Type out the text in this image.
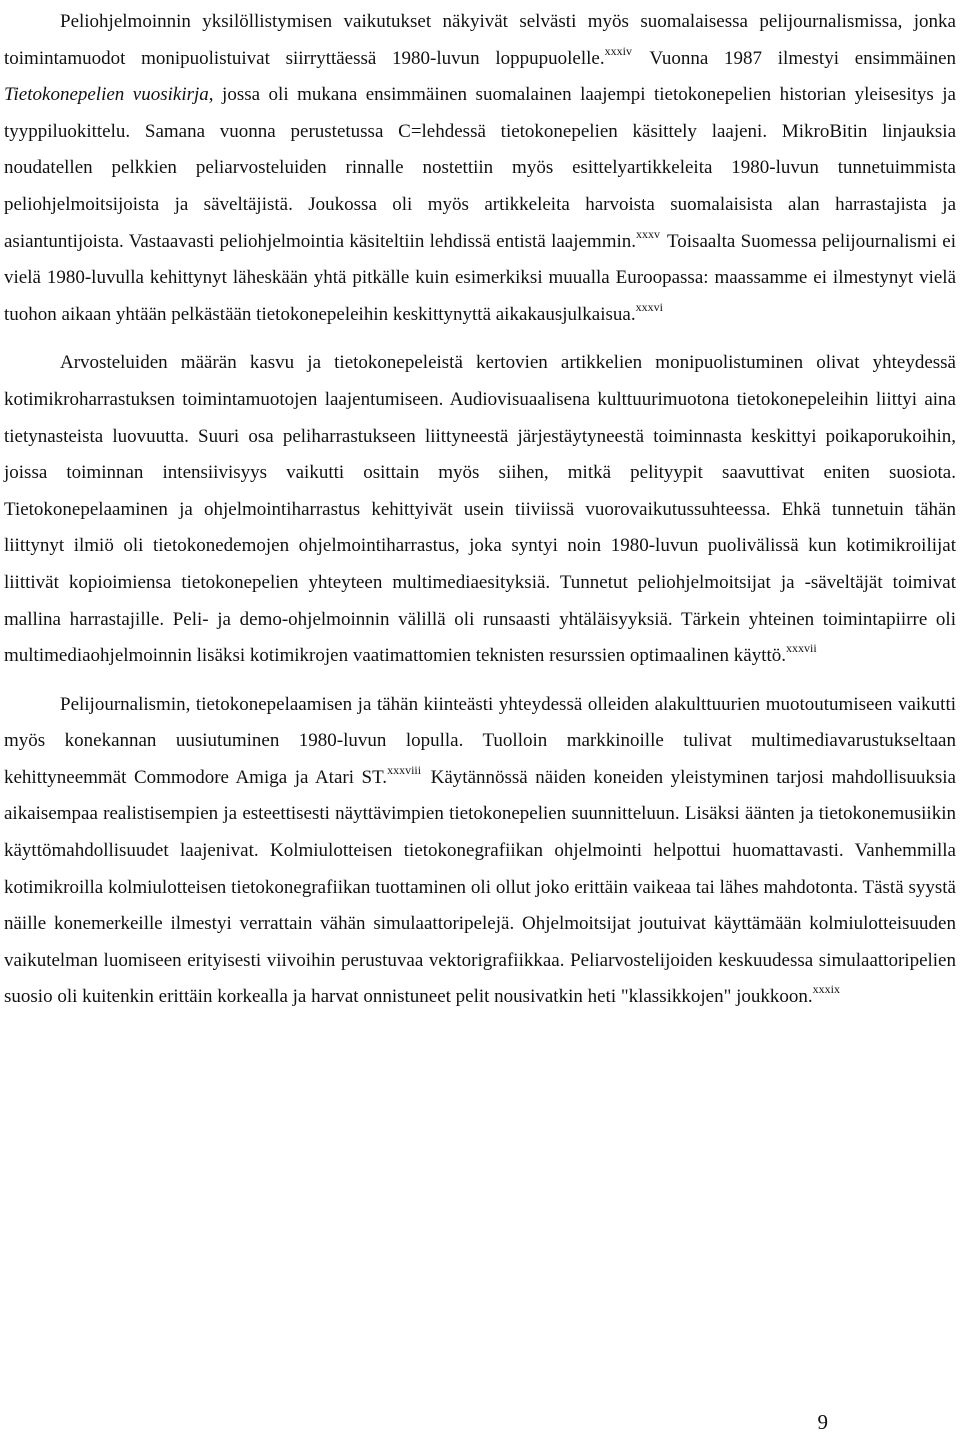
Peliohjelmoinnin yksilöllistymisen vaikutukset näkyivät selvästi myös suomalaisessa pelijournalismissa, jonka toimintamuodot monipuolistuivat siirryttäessä 1980-luvun loppupuolelle.$^{xxxiv}$ Vuonna 1987 ilmestyi ensimmäinen Tietokonepelien vuosikirja, jossa oli mukana ensimmäinen suomalainen laajempi tietokonepelien historian yleisesitys ja tyyppiluokittelu. Samana vuonna perustetussa C=lehdessä tietokonepelien käsittely laajeni. MikroBitin linjauksia noudatellen pelkkien peliarvosteluiden rinnalle nostettiin myös esittelyartikkeleita 1980-luvun tunnetuimmista peliohjelmoitsijoista ja säveltäjistä. Joukossa oli myös artikkeleita harvoista suomalaisista alan harrastajista ja asiantuntijoista. Vastaavasti peliohjelmointia käsiteltiin lehdissä entistä laajemmin.$^{xxxv}$ Toisaalta Suomessa pelijournalismi ei vielä 1980-luvulla kehittynyt läheskään yhtä pitkälle kuin esimerkiksi muualla Euroopassa: maassamme ei ilmestynyt vielä tuohon aikaan yhtään pelkästään tietokonepeleihin keskittynyttä aikakausjulkaisua.$^{xxxvi}$

Arvosteluiden määrän kasvu ja tietokonepeleistä kertovien artikkelien monipuolistuminen olivat yhteydessä kotimikroharrastuksen toimintamuotojen laajentumiseen. Audiovisuaalisena kulttuurimuotona tietokonepeleihin liittyi aina tietynasteista luovuutta. Suuri osa peliharrastukseen liittyneestä järjestäytyneestä toiminnasta keskittyi poikaporukoihin, joissa toiminnan intensiivisyys vaikutti osittain myös siihen, mitkä pelityypit saavuttivat eniten suosiota. Tietokonepelaaminen ja ohjelmointiharrastus kehittyivät usein tiiviissä vuorovaikutussuhteessa. Ehkä tunnetuin tähän liittynyt ilmiö oli tietokonedemojen ohjelmointiharrastus, joka syntyi noin 1980-luvun puolivälissä kun kotimikroilijat liittivät kopioimiensa tietokonepelien yhteyteen multimediaesityksiä. Tunnetut peliohjelmoitsijat ja -säveltäjät toimivat mallina harrastajille. Peli- ja demo-ohjelmoinnin välillä oli runsaasti yhtäläisyyksiä. Tärkein yhteinen toimintapiirre oli multimediaohjelmoinnin lisäksi kotimikrojen vaatimattomien teknisten resurssien optimaalinen käyttö.$^{xxxvii}$

Pelijournalismin, tietokonepelaamisen ja tähän kiinteästi yhteydessä olleiden alakulttuurien muotoutumiseen vaikutti myös konekannan uusiutuminen 1980-luvun lopulla. Tuolloin markkinoille tulivat multimediavarustukseltaan kehittyneemmät Commodore Amiga ja Atari ST.$^{xxxviii}$ Käytännössä näiden koneiden yleistyminen tarjosi mahdollisuuksia aikaisempaa realistisempien ja esteettisesti näyttävimpien tietokonepelien suunnitteluun. Lisäksi äänten ja tietokonemusiikin käyttömahdollisuudet laajenivat. Kolmiulotteisen tietokonegrafiikan ohjelmointi helpottui huomattavasti. Vanhemmilla kotimikroilla kolmiulotteisen tietokonegrafiikan tuottaminen oli ollut joko erittäin vaikeaa tai lähes mahdotonta. Tästä syystä näille konemerkeille ilmestyi verrattain vähän simulaattoripelejä. Ohjelmoitsijat joutuivat käyttämään kolmiulotteisuuden vaikutelman luomiseen erityisesti viivoihin perustuvaa vektorigrafiikkaa. Peliarvostelijoiden keskuudessa simulaattoripelien suosio oli kuitenkin erittäin korkealla ja harvat onnistuneet pelit nousivatkin heti "klassikkojen" joukkoon.$^{xxxix}$

9
